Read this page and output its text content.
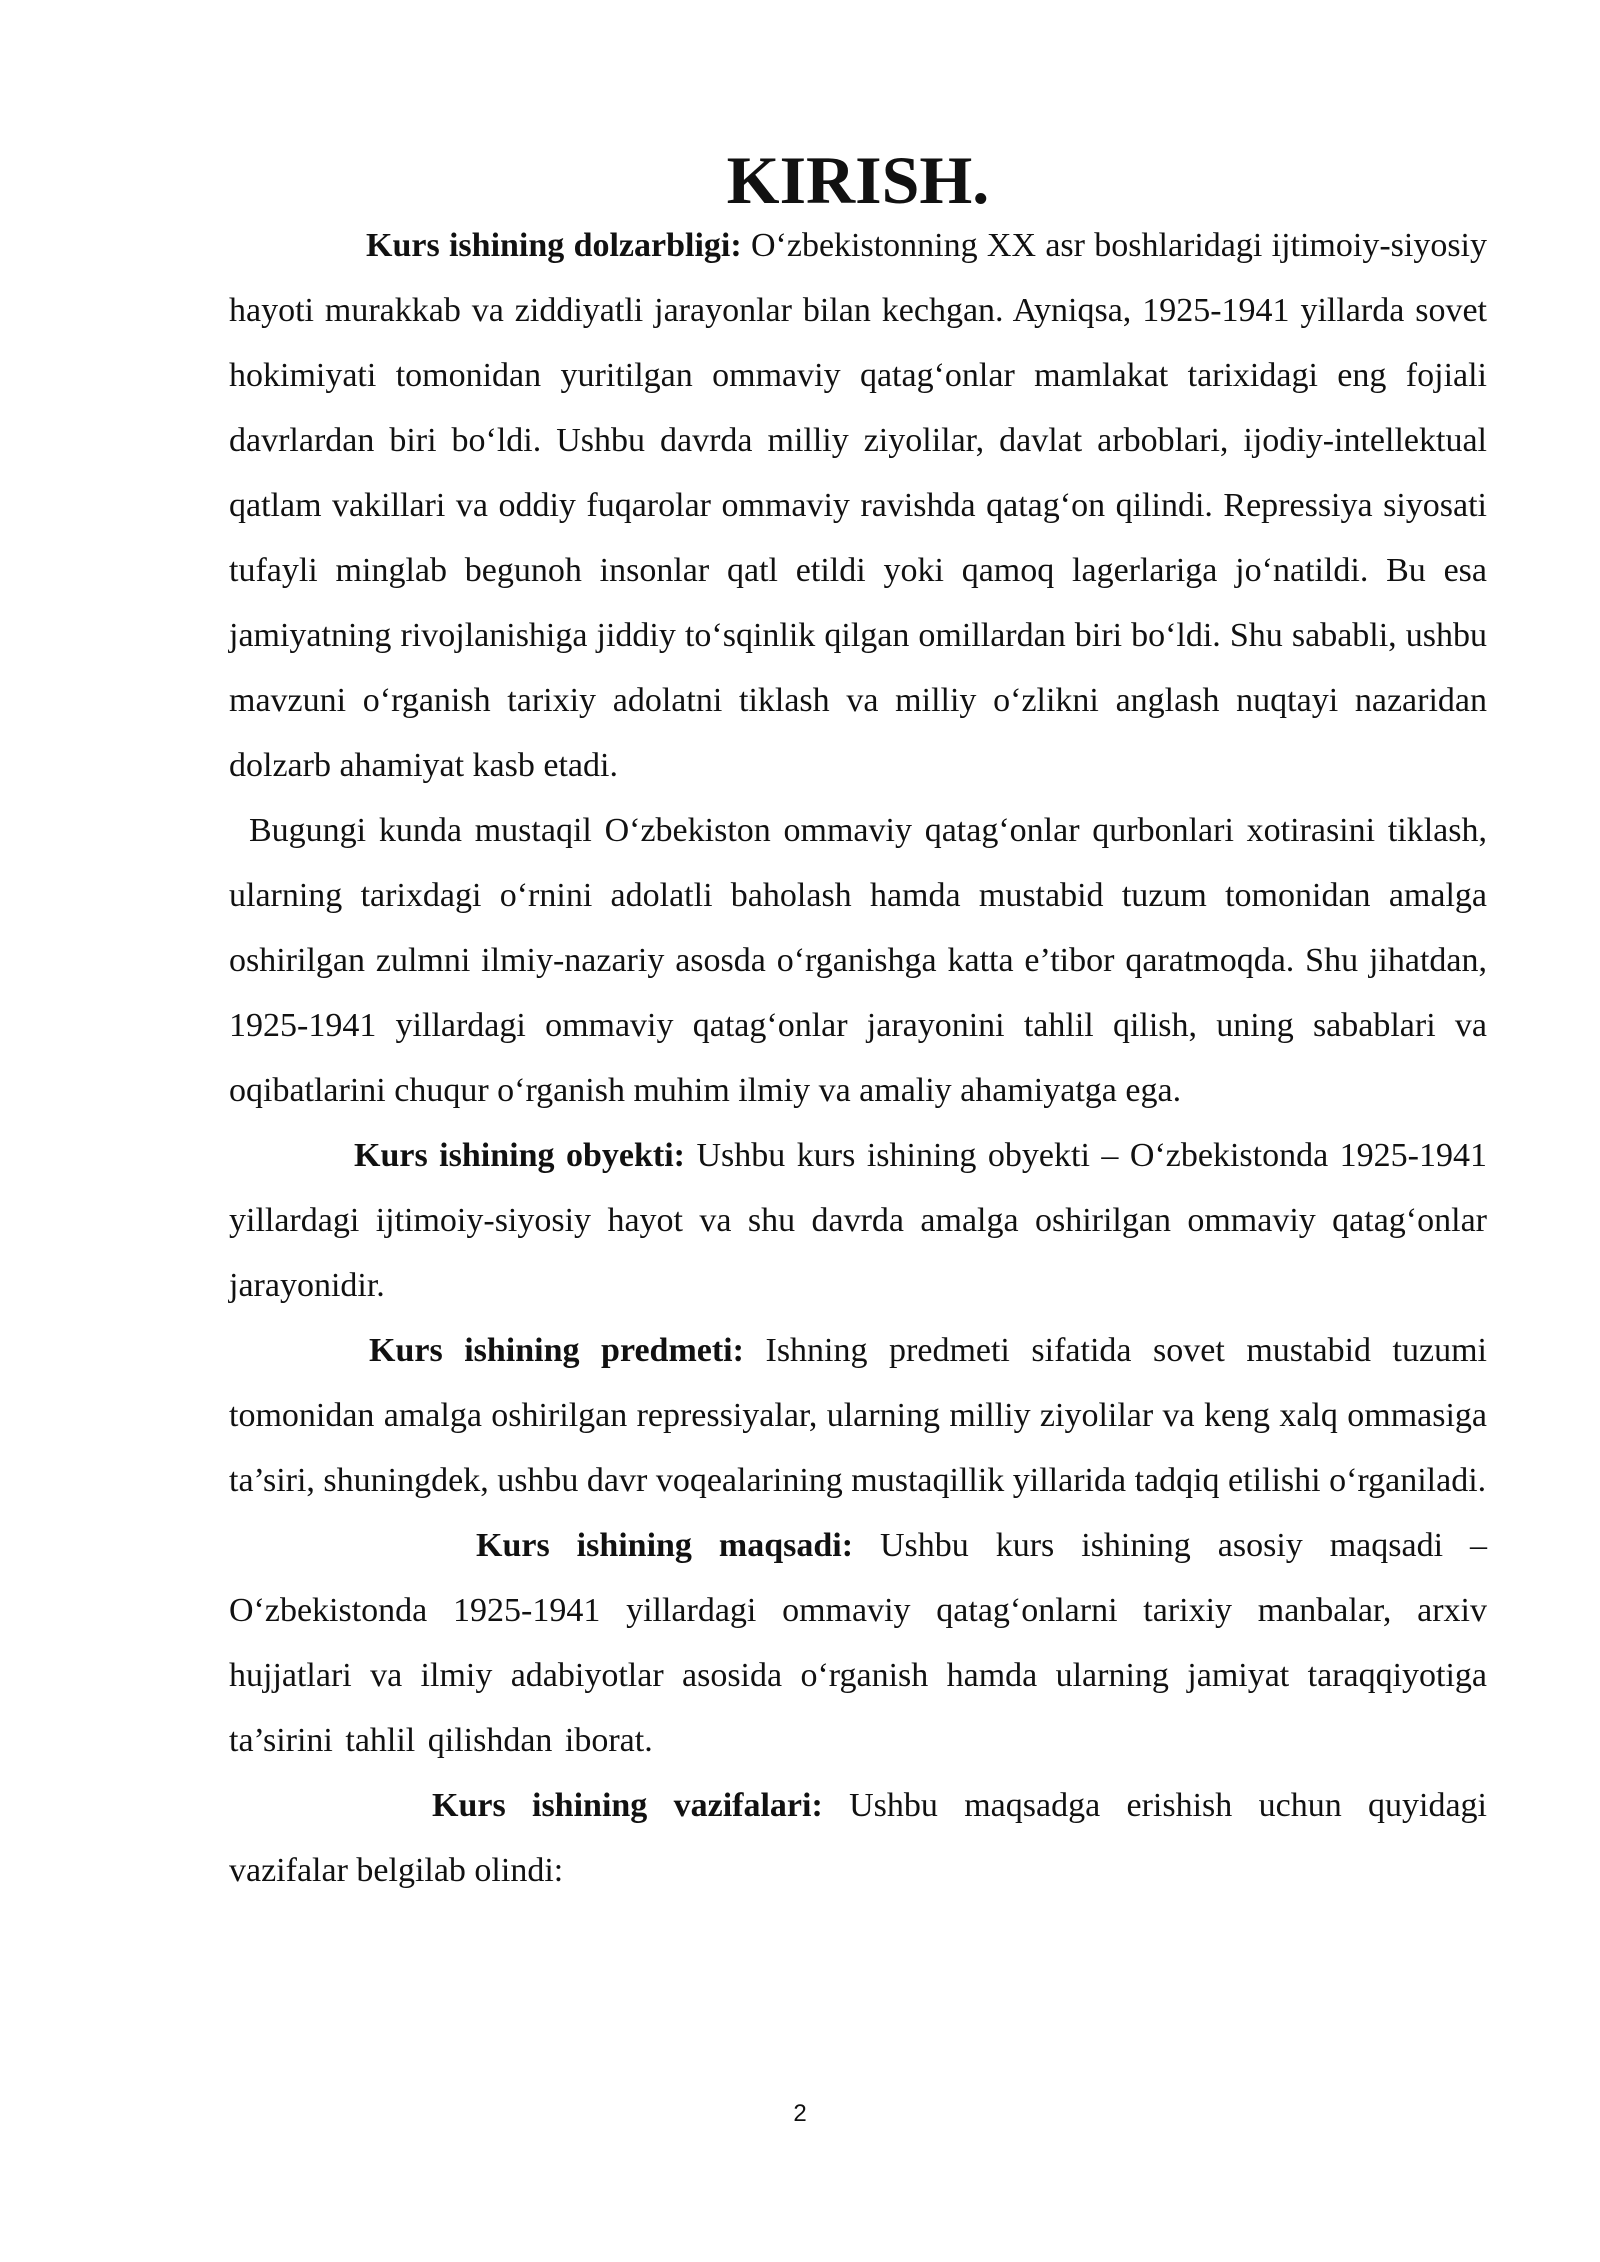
KIRISH.

Kurs ishining dolzarbligi: O‘zbekistonning XX asr boshlaridagi ijtimoiy-siyosiy hayoti murakkab va ziddiyatli jarayonlar bilan kechgan. Ayniqsa, 1925-1941 yillarda sovet hokimiyati tomonidan yuritilgan ommaviy qatag‘onlar mamlakat tarixidagi eng fojiali davrlardan biri bo‘ldi. Ushbu davrda milliy ziyolilar, davlat arboblari, ijodiy-intellektual qatlam vakillari va oddiy fuqarolar ommaviy ravishda qatag‘on qilindi. Repressiya siyosati tufayli minglab begunoh insonlar qatl etildi yoki qamoq lagerlariga jo‘natildi. Bu esa jamiyatning rivojlanishiga jiddiy to‘sqinlik qilgan omillardan biri bo‘ldi. Shu sababli, ushbu mavzuni o‘rganish tarixiy adolatni tiklash va milliy o‘zlikni anglash nuqtayi nazaridan dolzarb ahamiyat kasb etadi.

Bugungi kunda mustaqil O‘zbekiston ommaviy qatag‘onlar qurbonlari xotirasini tiklash, ularning tarixdagi o‘rnini adolatli baholash hamda mustabid tuzum tomonidan amalga oshirilgan zulmni ilmiy-nazariy asosda o‘rganishga katta e’tibor qaratmoqda. Shu jihatdan, 1925-1941 yillardagi ommaviy qatag‘onlar jarayonini tahlil qilish, uning sabablari va oqibatlarini chuqur o‘rganish muhim ilmiy va amaliy ahamiyatga ega.

Kurs ishining obyekti: Ushbu kurs ishining obyekti – O‘zbekistonda 1925-1941 yillardagi ijtimoiy-siyosiy hayot va shu davrda amalga oshirilgan ommaviy qatag‘onlar jarayonidir.

Kurs ishining predmeti: Ishning predmeti sifatida sovet mustabid tuzumi tomonidan amalga oshirilgan repressiyalar, ularning milliy ziyolilar va keng xalq ommasiga ta’siri, shuningdek, ushbu davr voqealarining mustaqillik yillarida tadqiq etilishi o‘rganiladi.

Kurs ishining maqsadi: Ushbu kurs ishining asosiy maqsadi – O‘zbekistonda 1925-1941 yillardagi ommaviy qatag‘onlarni tarixiy manbalar, arxiv hujjatlari va ilmiy adabiyotlar asosida o‘rganish hamda ularning jamiyat taraqqiyotiga ta’sirini tahlil qilishdan iborat.

Kurs ishining vazifalari: Ushbu maqsadga erishish uchun quyidagi vazifalar belgilab olindi:

2
